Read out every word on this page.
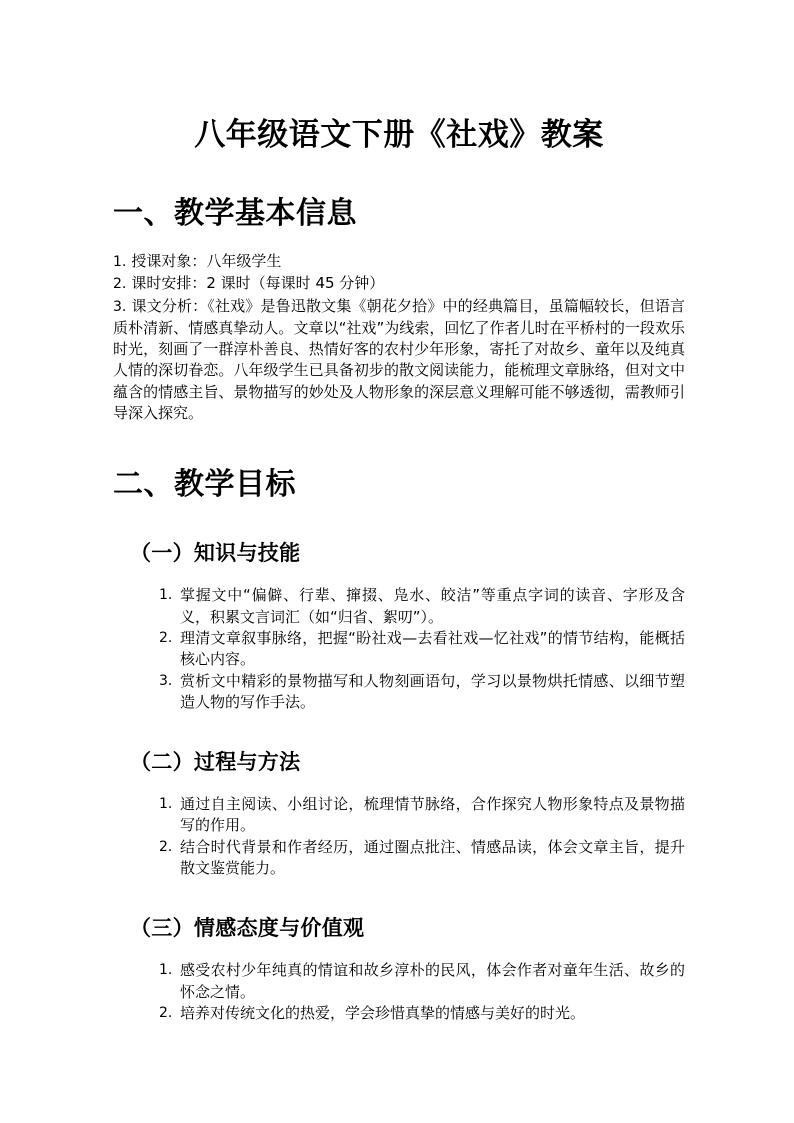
八年级语文下册《社戏》教案
一、教学基本信息
1. 授课对象：八年级学生
2. 课时安排：2 课时（每课时 45 分钟）
3. 课文分析：《社戏》是鲁迅散文集《朝花夕拾》中的经典篇目，虽篇幅较长，但语言质朴清新、情感真挚动人。文章以“社戏”为线索，回忆了作者儿时在平桥村的一段欢乐时光，刻画了一群淳朴善良、热情好客的农村少年形象，寄托了对故乡、童年以及纯真人情的深切眷恋。八年级学生已具备初步的散文阅读能力，能梳理文章脉络，但对文中蕴含的情感主旨、景物描写的妙处及人物形象的深层意义理解可能不够透彻，需教师引导深入探究。
二、教学目标
（一）知识与技能
1. 掌握文中“偏僻、行辈、撺掇、凫水、皎洁”等重点字词的读音、字形及含义，积累文言词汇（如“归省、絮叨”）。
2. 理清文章叙事脉络，把握“盼社戏—去看社戏—忆社戏”的情节结构，能概括核心内容。
3. 赏析文中精彩的景物描写和人物刻画语句，学习以景物烘托情感、以细节塑造人物的写作手法。
（二）过程与方法
1. 通过自主阅读、小组讨论，梳理情节脉络，合作探究人物形象特点及景物描写的作用。
2. 结合时代背景和作者经历，通过圈点批注、情感品读，体会文章主旨，提升散文鉴赏能力。
（三）情感态度与价值观
1. 感受农村少年纯真的情谊和故乡淳朴的民风，体会作者对童年生活、故乡的怀念之情。
2. 培养对传统文化的热爱，学会珍惜真挚的情感与美好的时光。
